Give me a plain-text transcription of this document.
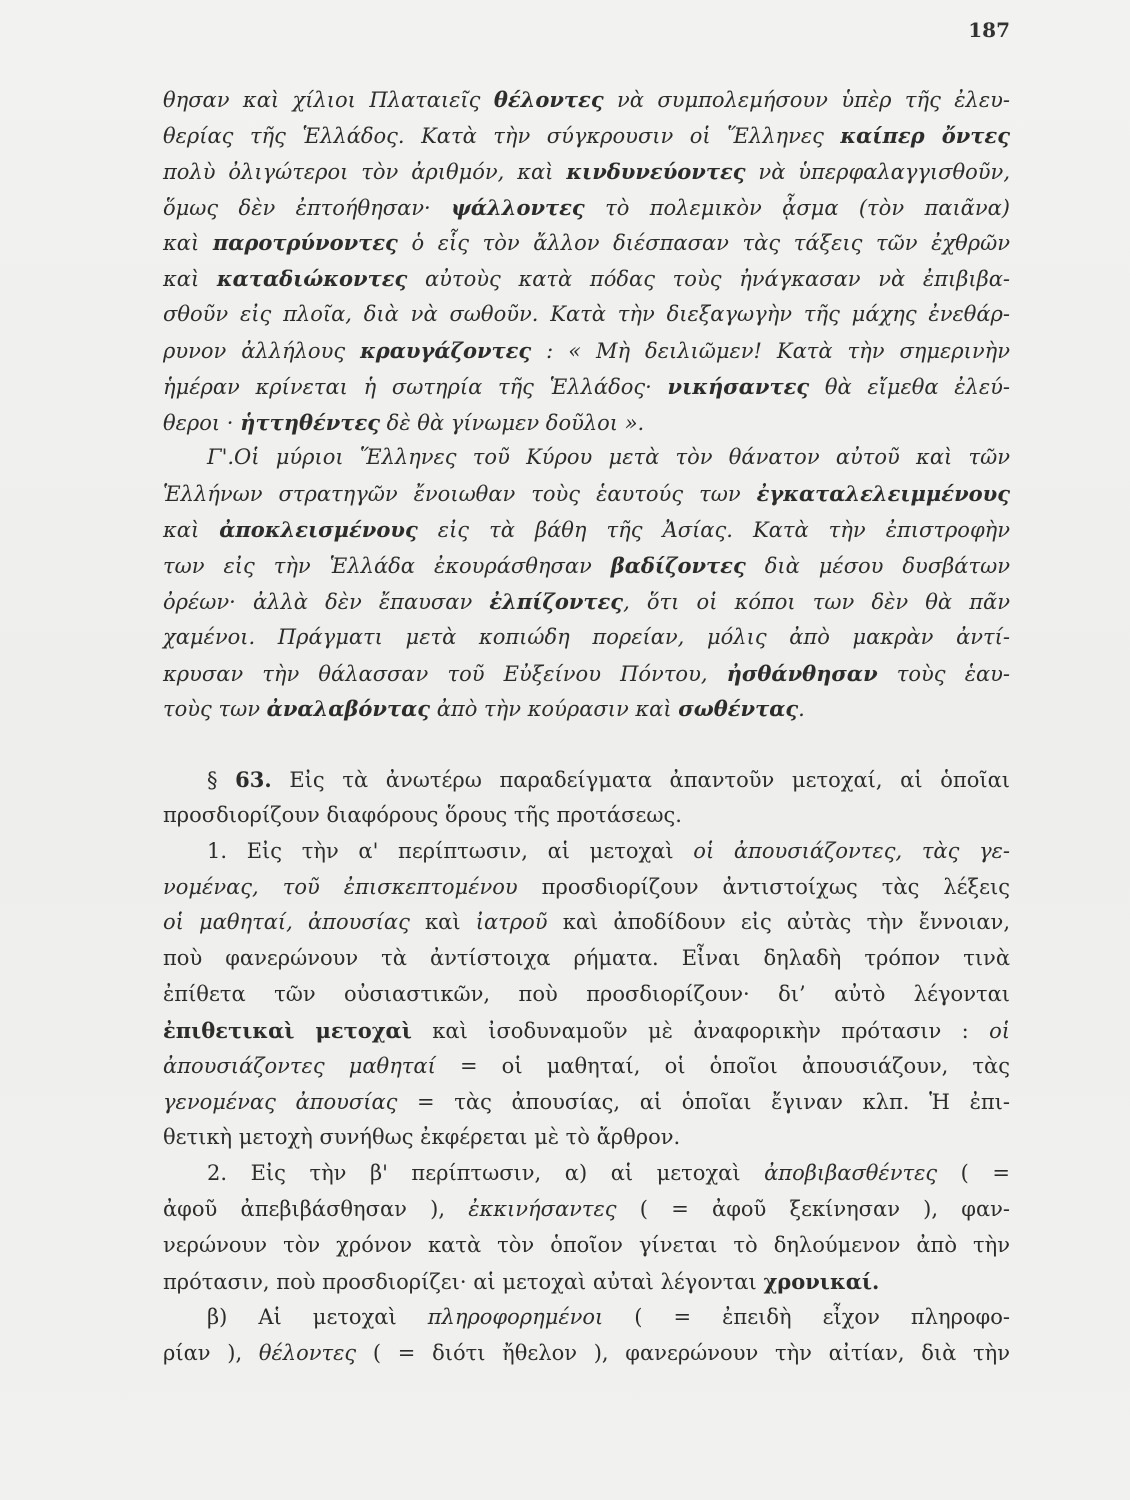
187
θησαν καὶ χίλιοι Πλαταιεῖς θέλοντες νὰ συμπολεμήσουν ὑπὲρ τῆς ἐλευ-
θερίας τῆς Ἑλλάδος. Κατὰ τὴν σύγκρουσιν οἱ Ἕλληνες καίπερ ὄντες
πολὺ ὀλιγώτεροι τὸν ἀριθμόν, καὶ κινδυνεύοντες νὰ ὑπερφαλαγγισθοῦν,
ὅμως δὲν ἐπτοήθησαν· ψάλλοντες τὸ πολεμικὸν ᾆσμα (τὸν παιᾶνα)
καὶ παροτρύνοντες ὁ εἷς τὸν ἄλλον διέσπασαν τὰς τάξεις τῶν ἐχθρῶν
καὶ καταδιώκοντες αὐτοὺς κατὰ πόδας τοὺς ἠνάγκασαν νὰ ἐπιβιβα-
σθοῦν εἰς πλοῖα, διὰ νὰ σωθοῦν. Κατὰ τὴν διεξαγωγὴν τῆς μάχης ἐνεθάρ-
ρυνον ἀλλήλους κραυγάζοντες : « Μὴ δειλιῶμεν! Κατὰ τὴν σημερινὴν
ἡμέραν κρίνεται ἡ σωτηρία τῆς Ἑλλάδος· νικήσαντες θὰ εἴμεθα ἐλεύ-
θεροι · ἡττηθέντες δὲ θὰ γίνωμεν δοῦλοι ».
Γ'.Οἱ μύριοι Ἕλληνες τοῦ Κύρου μετὰ τὸν θάνατον αὐτοῦ καὶ τῶν
Ἑλλήνων στρατηγῶν ἔνοιωθαν τοὺς ἑαυτούς των ἐγκαταλελειμμένους
καὶ ἀποκλεισμένους εἰς τὰ βάθη τῆς Ἀσίας. Κατὰ τὴν ἐπιστροφὴν
των εἰς τὴν Ἑλλάδα ἐκουράσθησαν βαδίζοντες διὰ μέσου δυσβάτων
ὀρέων· ἀλλὰ δὲν ἔπαυσαν ἐλπίζοντες, ὅτι οἱ κόποι των δὲν θὰ πᾶν
χαμένοι. Πράγματι μετὰ κοπιώδη πορείαν, μόλις ἀπὸ μακρὰν ἀντί-
κρυσαν τὴν θάλασσαν τοῦ Εὐξείνου Πόντου, ἠσθάνθησαν τοὺς ἑαυ-
τοὺς των ἀναλαβόντας ἀπὸ τὴν κούρασιν καὶ σωθέντας.
§ 63. Εἰς τὰ ἀνωτέρω παραδείγματα ἀπαντοῦν μετοχαί, αἱ ὁποῖαι
προσδιορίζουν διαφόρους ὅρους τῆς προτάσεως.
1. Εἰς τὴν α' περίπτωσιν, αἱ μετοχαὶ οἱ ἀπουσιάζοντες, τὰς γε-
νομένας, τοῦ ἐπισκεπτομένου προσδιορίζουν ἀντιστοίχως τὰς λέξεις
οἱ μαθηταί, ἀπουσίας καὶ ἰατροῦ καὶ ἀποδίδουν εἰς αὐτὰς τὴν ἔννοιαν,
ποὺ φανερώνουν τὰ ἀντίστοιχα ρήματα. Εἶναι δηλαδὴ τρόπον τινὰ
ἐπίθετα τῶν οὐσιαστικῶν, ποὺ προσδιορίζουν· δι’ αὐτὸ λέγονται
ἐπιθετικαὶ μετοχαὶ καὶ ἰσοδυναμοῦν μὲ ἀναφορικὴν πρότασιν : οἱ
ἀπουσιάζοντες μαθηταί = οἱ μαθηταί, οἱ ὁποῖοι ἀπουσιάζουν, τὰς
γενομένας ἀπουσίας = τὰς ἀπουσίας, αἱ ὁποῖαι ἔγιναν κλπ. Ἡ ἐπι-
θετικὴ μετοχὴ συνήθως ἐκφέρεται μὲ τὸ ἄρθρον.
2. Εἰς τὴν β' περίπτωσιν, α) αἱ μετοχαὶ ἀποβιβασθέντες ( =
ἀφοῦ ἀπεβιβάσθησαν ), ἐκκινήσαντες ( = ἀφοῦ ξεκίνησαν ), φαν-
νερώνουν τὸν χρόνον κατὰ τὸν ὁποῖον γίνεται τὸ δηλούμενον ἀπὸ τὴν
πρότασιν, ποὺ προσδιορίζει· αἱ μετοχαὶ αὐταὶ λέγονται χρονικαί.
β) Αἱ μετοχαὶ πληροφορημένοι ( = ἐπειδὴ εἶχον πληροφο-
ρίαν ), θέλοντες ( = διότι ἤθελον ), φανερώνουν τὴν αἰτίαν, διὰ τὴν
